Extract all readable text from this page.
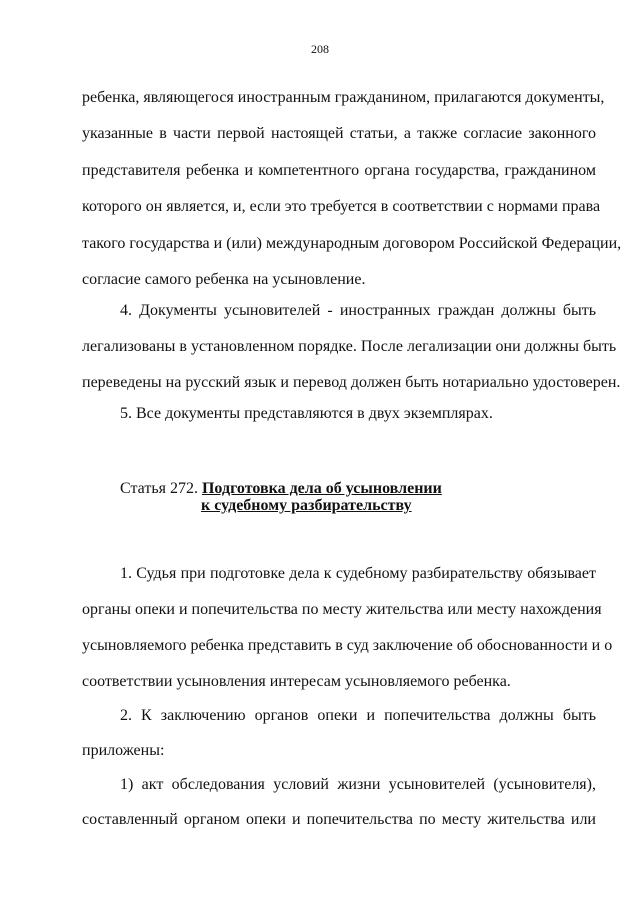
208
ребенка, являющегося иностранным гражданином, прилагаются документы,
указанные в части первой настоящей статьи, а также согласие законного
представителя ребенка и компетентного органа государства, гражданином
которого он является, и, если это требуется в соответствии с нормами права
такого государства и (или) международным договором Российской Федерации,
согласие самого ребенка на усыновление.
4. Документы усыновителей - иностранных граждан должны быть
легализованы в установленном порядке. После легализации они должны быть
переведены на русский язык и перевод должен быть нотариально удостоверен.
5. Все документы представляются в двух экземплярах.
Статья 272. Подготовка дела об усыновлении
к судебному разбирательству
1. Судья при подготовке дела к судебному разбирательству обязывает
органы опеки и попечительства по месту жительства или месту нахождения
усыновляемого ребенка представить в суд заключение об обоснованности и о
соответствии усыновления интересам усыновляемого ребенка.
2. К заключению органов опеки и попечительства должны быть
приложены:
1) акт обследования условий жизни усыновителей (усыновителя),
составленный органом опеки и попечительства по месту жительства или
